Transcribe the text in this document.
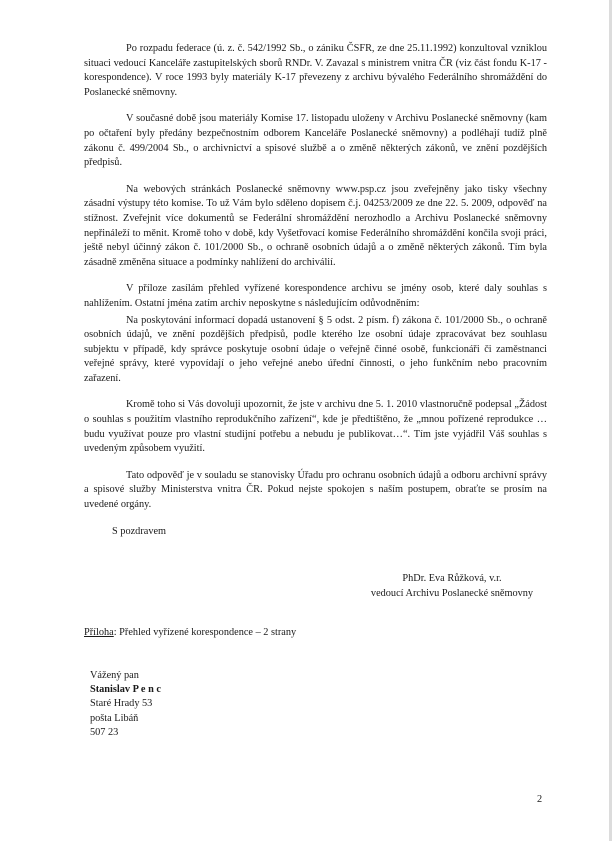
Po rozpadu federace (ú. z. č. 542/1992 Sb., o zániku ČSFR, ze dne 25.11.1992) konzultoval vzniklou situaci vedoucí Kanceláře zastupitelských sborů RNDr. V. Zavazal s ministrem vnitra ČR (viz část fondu K-17 - korespondence). V roce 1993 byly materiály K-17 převezeny z archivu bývalého Federálního shromáždění do Poslanecké sněmovny.

V současné době jsou materiály Komise 17. listopadu uloženy v Archivu Poslanecké sněmovny (kam po očtaření byly předány bezpečnostním odborem Kanceláře Poslanecké sněmovny) a podléhají tudíž plně zákonu č. 499/2004 Sb., o archivnictví a spisové službě a o změně některých zákonů, ve znění pozdějších předpisů.

Na webových stránkách Poslanecké sněmovny www.psp.cz jsou zveřejněny jako tisky všechny zásadní výstupy této komise. To už Vám bylo sděleno dopisem č.j. 04253/2009 ze dne 22. 5. 2009, odpověď na stížnost. Zveřejnit více dokumentů se Federální shromáždění nerozhodlo a Archivu Poslanecké sněmovny nepřináleží to měnit. Kromě toho v době, kdy Vyšetřovací komise Federálního shromáždění končila svoji práci, ještě nebyl účinný zákon č. 101/2000 Sb., o ochraně osobních údajů a o změně některých zákonů. Tím byla zásadně změněna situace a podmínky nahlížení do archiválií.

V příloze zasílám přehled vyřízené korespondence archivu se jmény osob, které daly souhlas s nahlížením. Ostatní jména zatím archiv neposkytne s následujícím odůvodněním:

Na poskytování informací dopadá ustanovení § 5 odst. 2 písm. f) zákona č. 101/2000 Sb., o ochraně osobních údajů, ve znění pozdějších předpisů, podle kterého lze osobní údaje zpracovávat bez souhlasu subjektu v případě, kdy správce poskytuje osobní údaje o veřejně činné osobě, funkcionáři či zaměstnanci veřejné správy, které vypovídají o jeho veřejné anebo úřední činnosti, o jeho funkčním nebo pracovním zařazení.

Kromě toho si Vás dovoluji upozornit, že jste v archivu dne 5. 1. 2010 vlastnoručně podepsal „Žádost o souhlas s použitím vlastního reprodukčního zařízení“, kde je předtištěno, že „mnou pořízené reprodukce …budu využívat pouze pro vlastní studijní potřebu a nebudu je publikovat…“. Tím jste vyjádřil Váš souhlas s uvedeným způsobem využití.

Tato odpověď je v souladu se stanovisky Úřadu pro ochranu osobních údajů a odboru archivní správy a spisové služby Ministerstva vnitra ČR. Pokud nejste spokojen s naším postupem, obraťte se prosím na uvedené orgány.

S pozdravem

PhDr. Eva Růžková, v.r.
vedoucí Archivu Poslanecké sněmovny
Příloha: Přehled vyřízené korespondence – 2 strany
Vážený pan
Stanislav P e n c
Staré Hrady 53
pošta Libáň
507 23
2
